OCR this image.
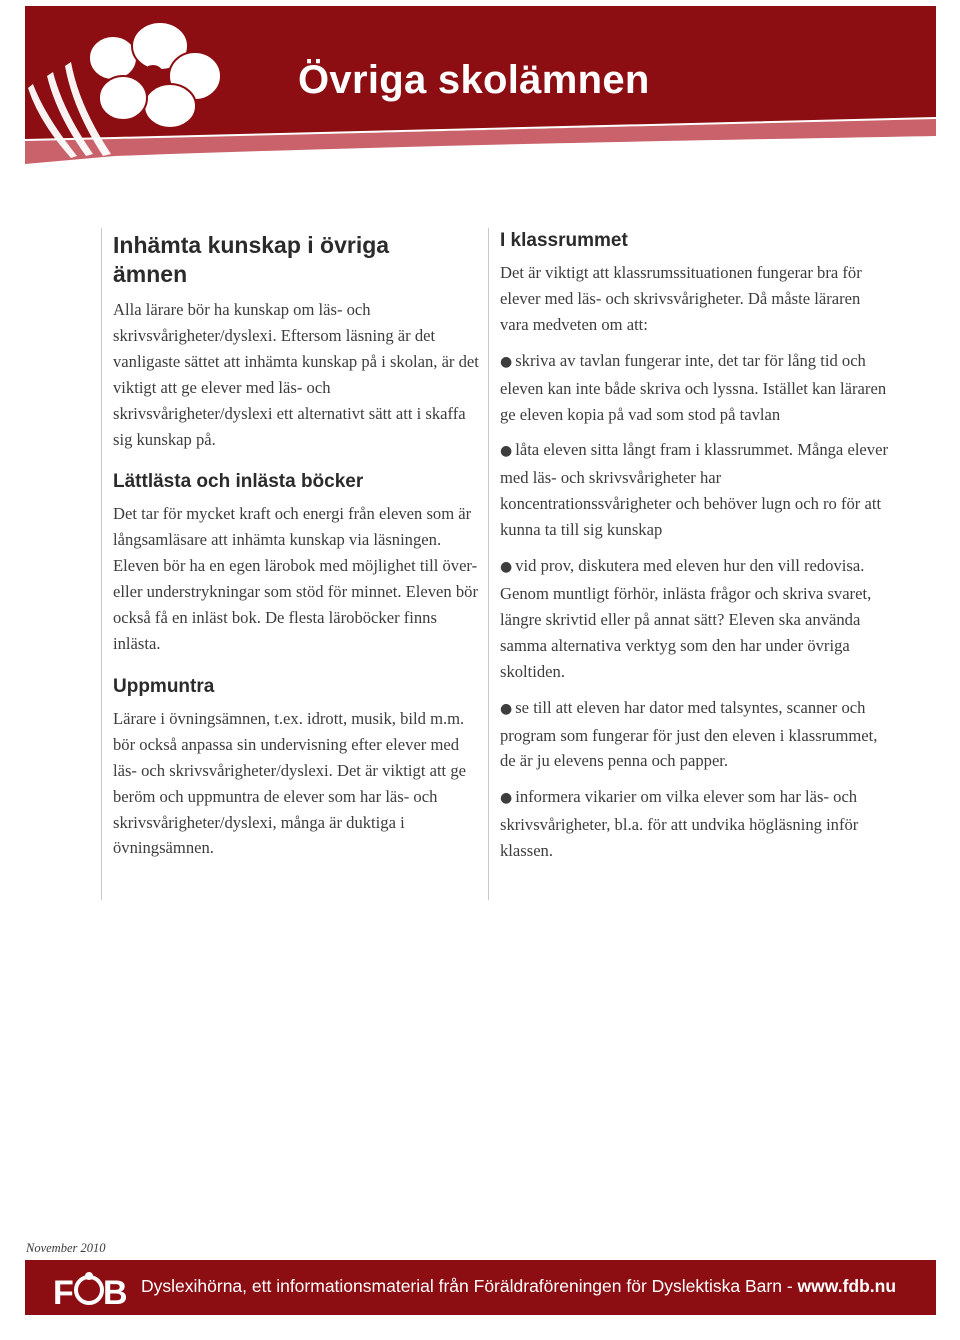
Övriga skolämnen
Inhämta kunskap i övriga ämnen
Alla lärare bör ha kunskap om läs- och skrivsvårigheter/dyslexi. Eftersom läsning är det vanligaste sättet att inhämta kunskap på i skolan, är det viktigt att ge elever med läs- och skrivsvårigheter/dyslexi ett alternativt sätt att i skaffa sig kunskap på.
Lättlästa och inlästa böcker
Det tar för mycket kraft och energi från eleven som är långsamläsare att inhämta kunskap via läsningen. Eleven bör ha en egen lärobok med möjlighet till över- eller understrykningar som stöd för minnet. Eleven bör också få en inläst bok. De flesta läroböcker finns inlästa.
Uppmuntra
Lärare i övningsämnen, t.ex. idrott, musik, bild m.m. bör också anpassa sin undervisning efter elever med läs- och skrivsvårigheter/dyslexi. Det är viktigt att ge beröm och uppmuntra de elever som har läs- och skrivsvårigheter/dyslexi, många är duktiga i övningsämnen.
I klassrummet
Det är viktigt att klassrumssituationen fungerar bra för elever med läs- och skrivsvårigheter. Då måste läraren vara medveten om att:
● skriva av tavlan fungerar inte, det tar för lång tid och eleven kan inte både skriva och lyssna. Istället kan läraren ge eleven kopia på vad som stod på tavlan
● låta eleven sitta långt fram i klassrummet. Många elever med läs- och skrivsvårigheter har koncentrationssvårigheter och behöver lugn och ro för att kunna ta till sig kunskap
● vid prov, diskutera med eleven hur den vill redovisa. Genom muntligt förhör, inlästa frågor och skriva svaret, längre skrivtid eller på annat sätt? Eleven ska använda samma alternativa verktyg som den har under övriga skoltiden.
● se till att eleven har dator med talsyntes, scanner och program som fungerar för just den eleven i klassrummet, de är ju elevens penna och papper.
● informera vikarier om vilka elever som har läs- och skrivsvårigheter, bl.a. för att undvika högläsning inför klassen.
November 2010
F B Dyslexihörna, ett informationsmaterial från Föräldraföreningen för Dyslektiska Barn - www.fdb.nu
